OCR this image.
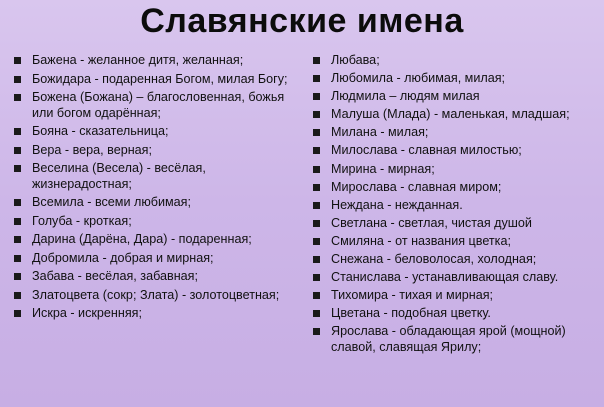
Славянские имена
Бажена - желанное дитя, желанная;
Божидара - подаренная Богом, милая Богу;
Божена (Божана) – благословенная, божья или богом одарённая;
Бояна - сказательница;
Вера - вера, верная;
Веселина (Весела) - весёлая, жизнерадостная;
Всемила - всеми любимая;
Голуба - кроткая;
Дарина (Дарёна, Дара) - подаренная;
Добромила - добрая и мирная;
Забава - весёлая, забавная;
Златоцвета (сокр; Злата) - золотоцветная;
Искра - искренняя;
Любава;
Любомила - любимая, милая;
Людмила – людям милая
Малуша (Млада) - маленькая, младшая;
Милана - милая;
Милослава - славная милостью;
Мирина - мирная;
Мирослава - славная миром;
Неждана - нежданная.
Светлана - светлая, чистая душой
Смиляна - от названия цветка;
Снежана - беловолосая, холодная;
Станислава - устанавливающая славу.
Тихомира - тихая и мирная;
Цветана - подобная цветку.
Ярослава - обладающая ярой (мощной) славой, славящая Ярилу;
